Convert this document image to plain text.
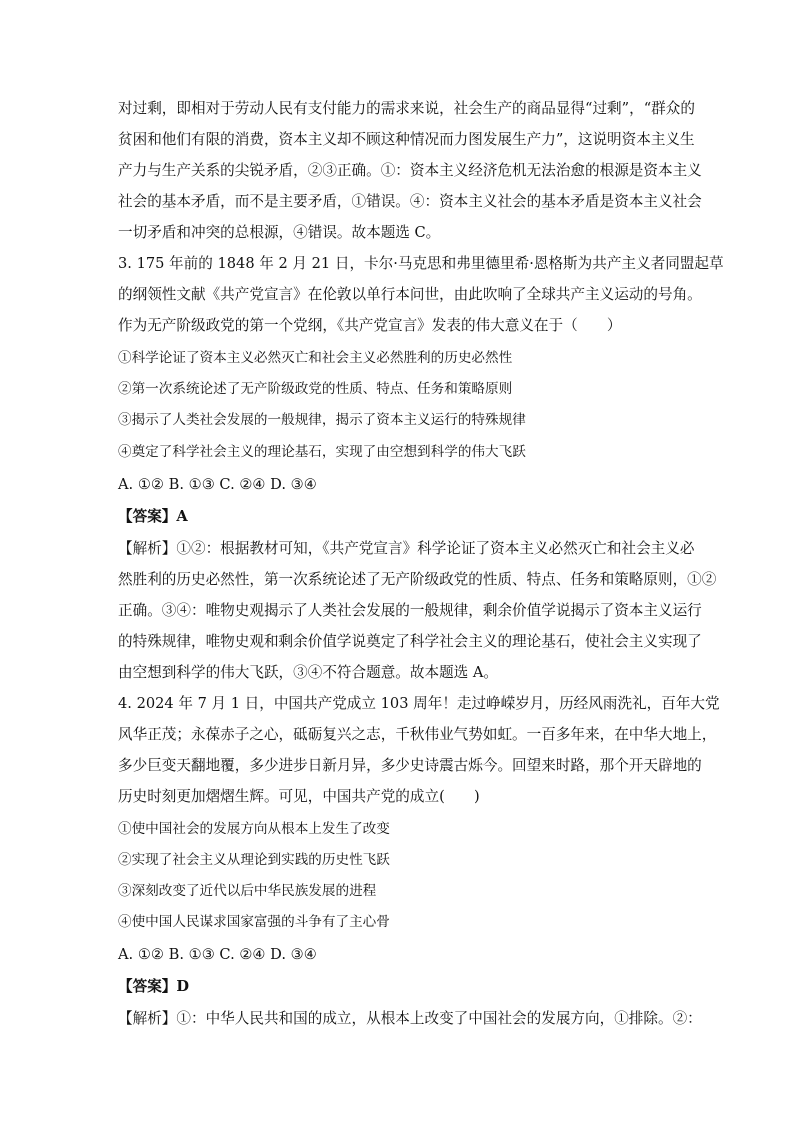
对过剩，即相对于劳动人民有支付能力的需求来说，社会生产的商品显得“过剩”，“群众的
贫困和他们有限的消费，资本主义却不顾这种情况而力图发展生产力”，这说明资本主义生
产力与生产关系的尖锐矛盾，②③正确。①：资本主义经济危机无法治愈的根源是资本主义
社会的基本矛盾，而不是主要矛盾，①错误。④：资本主义社会的基本矛盾是资本主义社会
一切矛盾和冲突的总根源，④错误。故本题选 C。
3. 175 年前的 1848 年 2 月 21 日，卡尔·马克思和弗里德里希·恩格斯为共产主义者同盟起草
的纲领性文献《共产党宣言》在伦敦以单行本问世，由此吹响了全球共产主义运动的号角。
作为无产阶级政党的第一个党纲，《共产党宣言》发表的伟大意义在于（　　）
①科学论证了资本主义必然灭亡和社会主义必然胜利的历史必然性
②第一次系统论述了无产阶级政党的性质、特点、任务和策略原则
③揭示了人类社会发展的一般规律，揭示了资本主义运行的特殊规律
④奠定了科学社会主义的理论基石，实现了由空想到科学的伟大飞跃
A. ①② B. ①③ C. ②④ D. ③④
【答案】A
【解析】①②：根据教材可知，《共产党宣言》科学论证了资本主义必然灭亡和社会主义必
然胜利的历史必然性，第一次系统论述了无产阶级政党的性质、特点、任务和策略原则，①②
正确。③④：唯物史观揭示了人类社会发展的一般规律，剩余价值学说揭示了资本主义运行
的特殊规律，唯物史观和剩余价值学说奠定了科学社会主义的理论基石，使社会主义实现了
由空想到科学的伟大飞跃，③④不符合题意。故本题选 A。
4. 2024 年 7 月 1 日，中国共产党成立 103 周年！走过峥嵘岁月，历经风雨洗礼，百年大党
风华正茂；永葆赤子之心，砥砺复兴之志，千秋伟业气势如虹。一百多年来，在中华大地上，
多少巨变天翻地覆，多少进步日新月异，多少史诗震古烁今。回望来时路，那个开天辟地的
历史时刻更加熠熠生辉。可见，中国共产党的成立(　　)
①使中国社会的发展方向从根本上发生了改变
②实现了社会主义从理论到实践的历史性飞跃
③深刻改变了近代以后中华民族发展的进程
④使中国人民谋求国家富强的斗争有了主心骨
A. ①② B. ①③ C. ②④ D. ③④
【答案】D
【解析】①：中华人民共和国的成立，从根本上改变了中国社会的发展方向，①排除。②：
